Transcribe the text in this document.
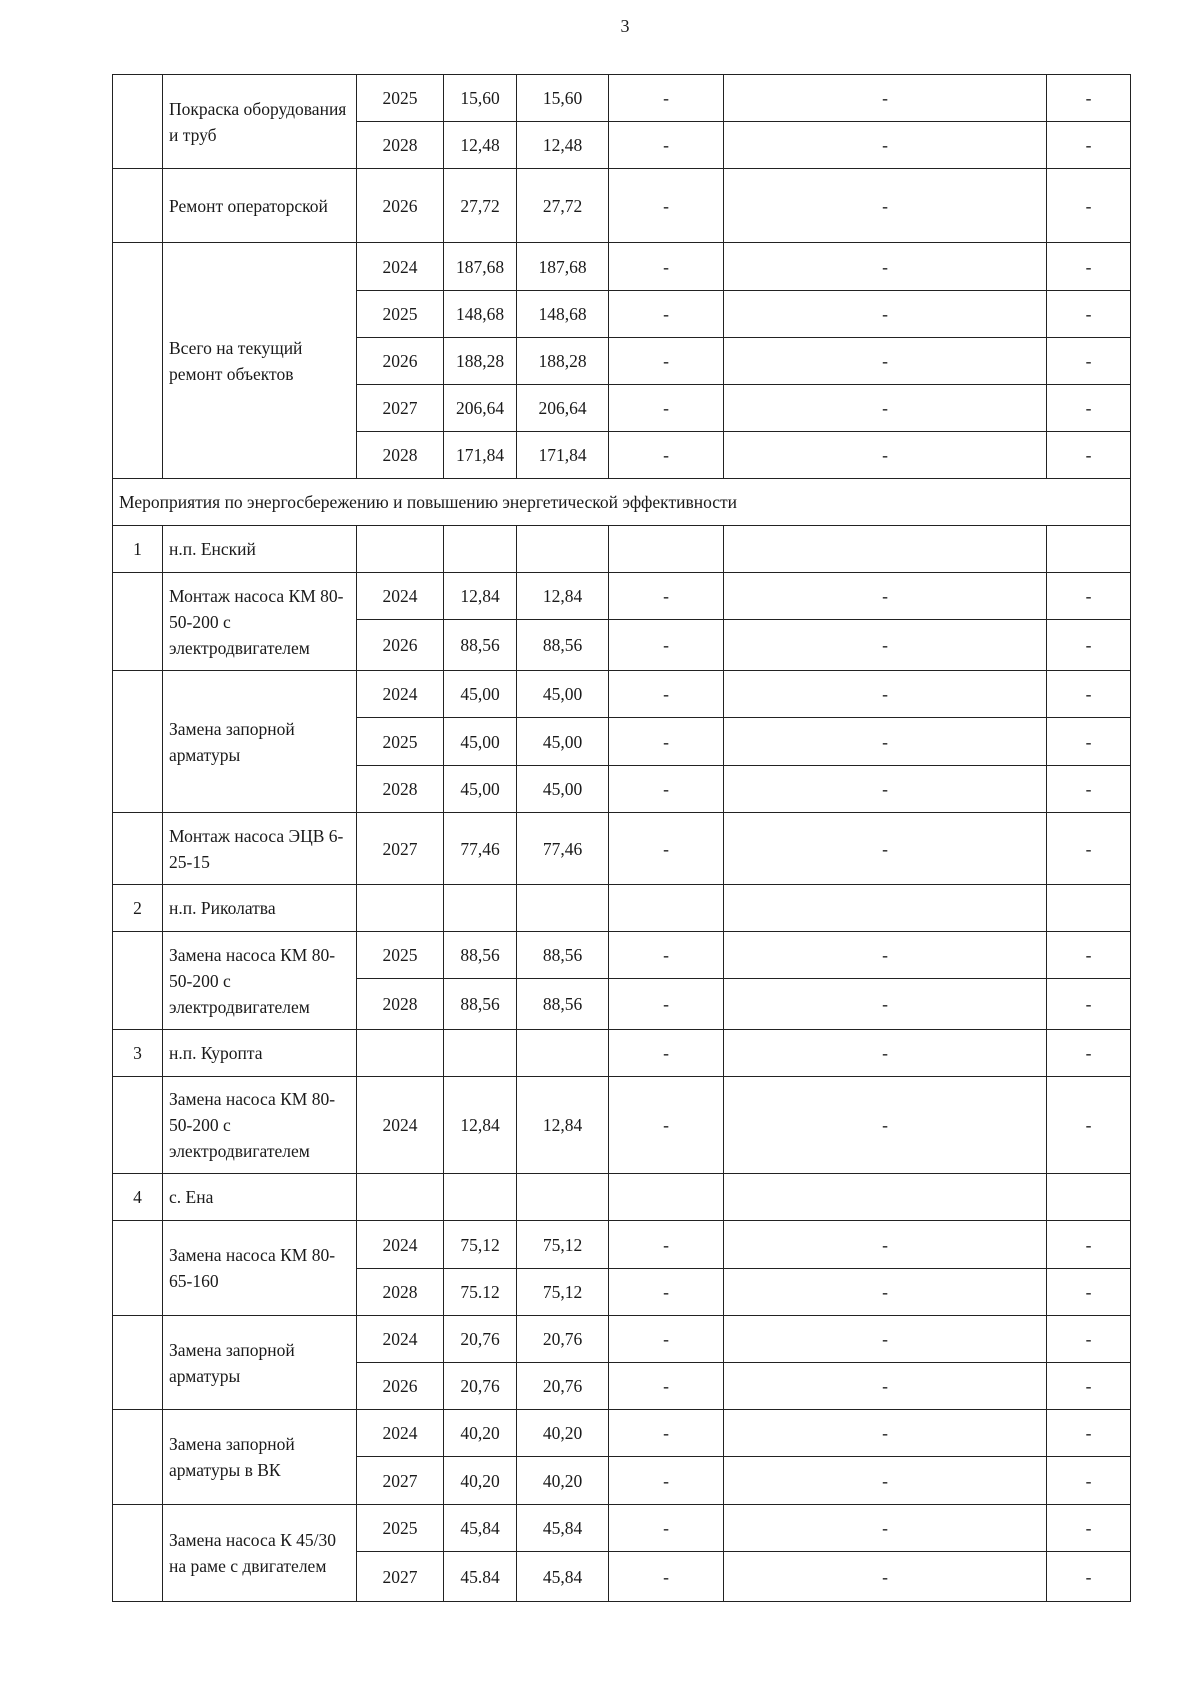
3
	Покраска оборудования и труб	2025	15,60	15,60	-	-	-
		2028	12,48	12,48	-	-	-
	Ремонт операторской	2026	27,72	27,72	-	-	-
	Всего на текущий ремонт объектов	2024	187,68	187,68	-	-	-
		2025	148,68	148,68	-	-	-
		2026	188,28	188,28	-	-	-
		2027	206,64	206,64	-	-	-
		2028	171,84	171,84	-	-	-
Мероприятия по энергосбережению и повышению энергетической эффективности							
1	н.п. Енский						
	Монтаж насоса КМ 80-50-200 с электродвигателем	2024	12,84	12,84	-	-	-
		2026	88,56	88,56	-	-	-
	Замена запорной арматуры	2024	45,00	45,00	-	-	-
		2025	45,00	45,00	-	-	-
		2028	45,00	45,00	-	-	-
	Монтаж насоса ЭЦВ 6-25-15	2027	77,46	77,46	-	-	-
2	н.п. Риколатва						
	Замена насоса КМ 80-50-200 с электродвигателем	2025	88,56	88,56	-	-	-
		2028	88,56	88,56	-	-	-
3	н.п. Куропта				-	-	-
	Замена насоса КМ 80-50-200 с электродвигателем	2024	12,84	12,84	-	-	-
4	с. Ена						
	Замена насоса КМ 80-65-160	2024	75,12	75,12	-	-	-
		2028	75.12	75,12	-	-	-
	Замена запорной арматуры	2024	20,76	20,76	-	-	-
		2026	20,76	20,76	-	-	-
	Замена запорной арматуры в ВК	2024	40,20	40,20	-	-	-
		2027	40,20	40,20	-	-	-
	Замена насоса К 45/30 на раме с двигателем	2025	45,84	45,84	-	-	-
		2027	45.84	45,84	-	-	-
